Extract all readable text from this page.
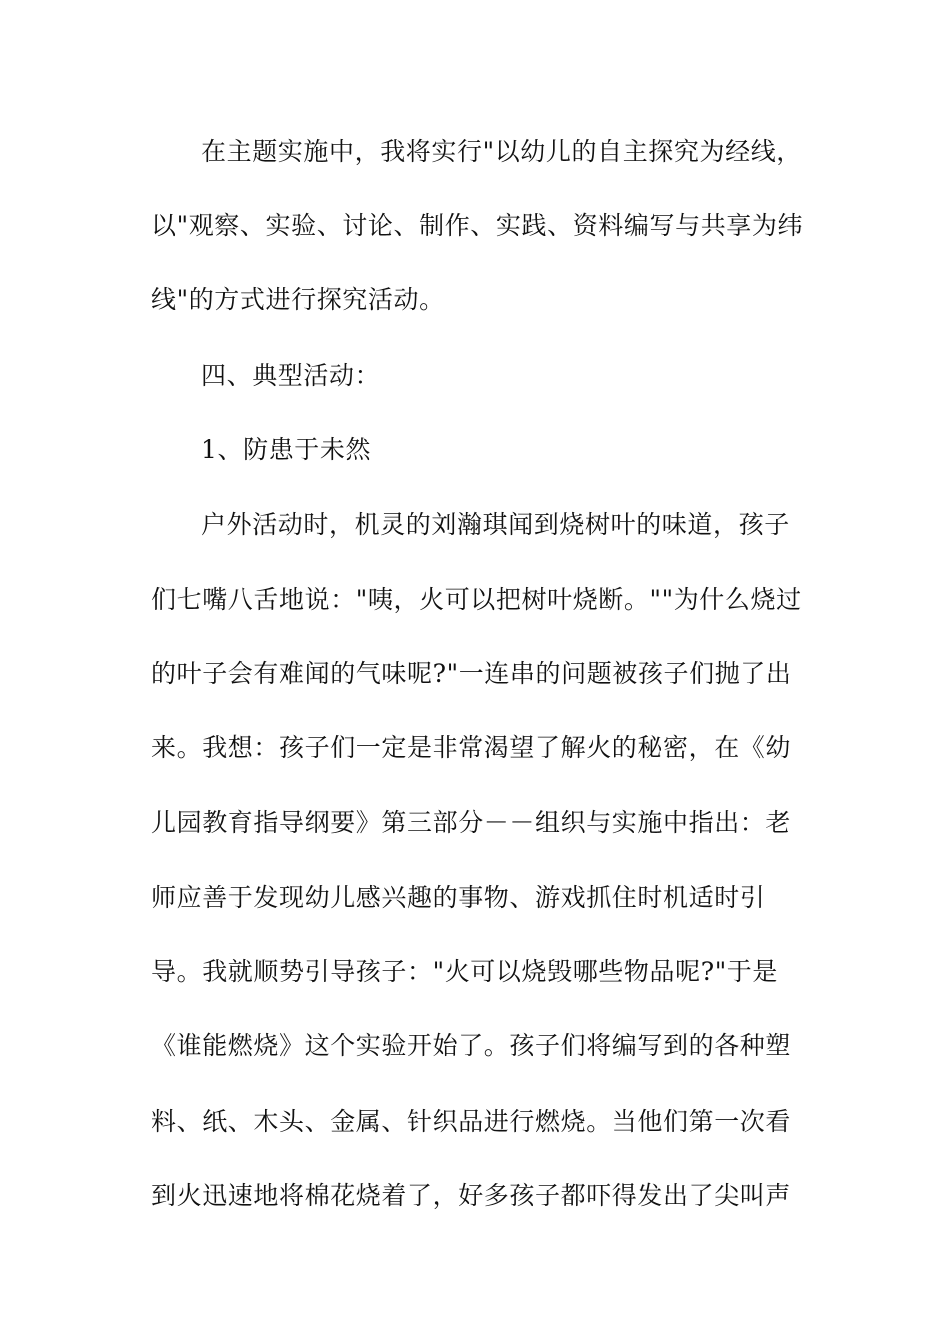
在主题实施中，我将实行"以幼儿的自主探究为经线，
以"观察、实验、讨论、制作、实践、资料编写与共享为纬
线"的方式进行探究活动。
四、典型活动：
1、防患于未然
户外活动时，机灵的刘瀚琪闻到烧树叶的味道，孩子
们七嘴八舌地说："咦，火可以把树叶烧断。""为什么烧过
的叶子会有难闻的气味呢?"一连串的问题被孩子们抛了出
来。我想：孩子们一定是非常渴望了解火的秘密，在《幼
儿园教育指导纲要》第三部分－－组织与实施中指出：老
师应善于发现幼儿感兴趣的事物、游戏抓住时机适时引
导。我就顺势引导孩子："火可以烧毁哪些物品呢?"于是
《谁能燃烧》这个实验开始了。孩子们将编写到的各种塑
料、纸、木头、金属、针织品进行燃烧。当他们第一次看
到火迅速地将棉花烧着了，好多孩子都吓得发出了尖叫声
